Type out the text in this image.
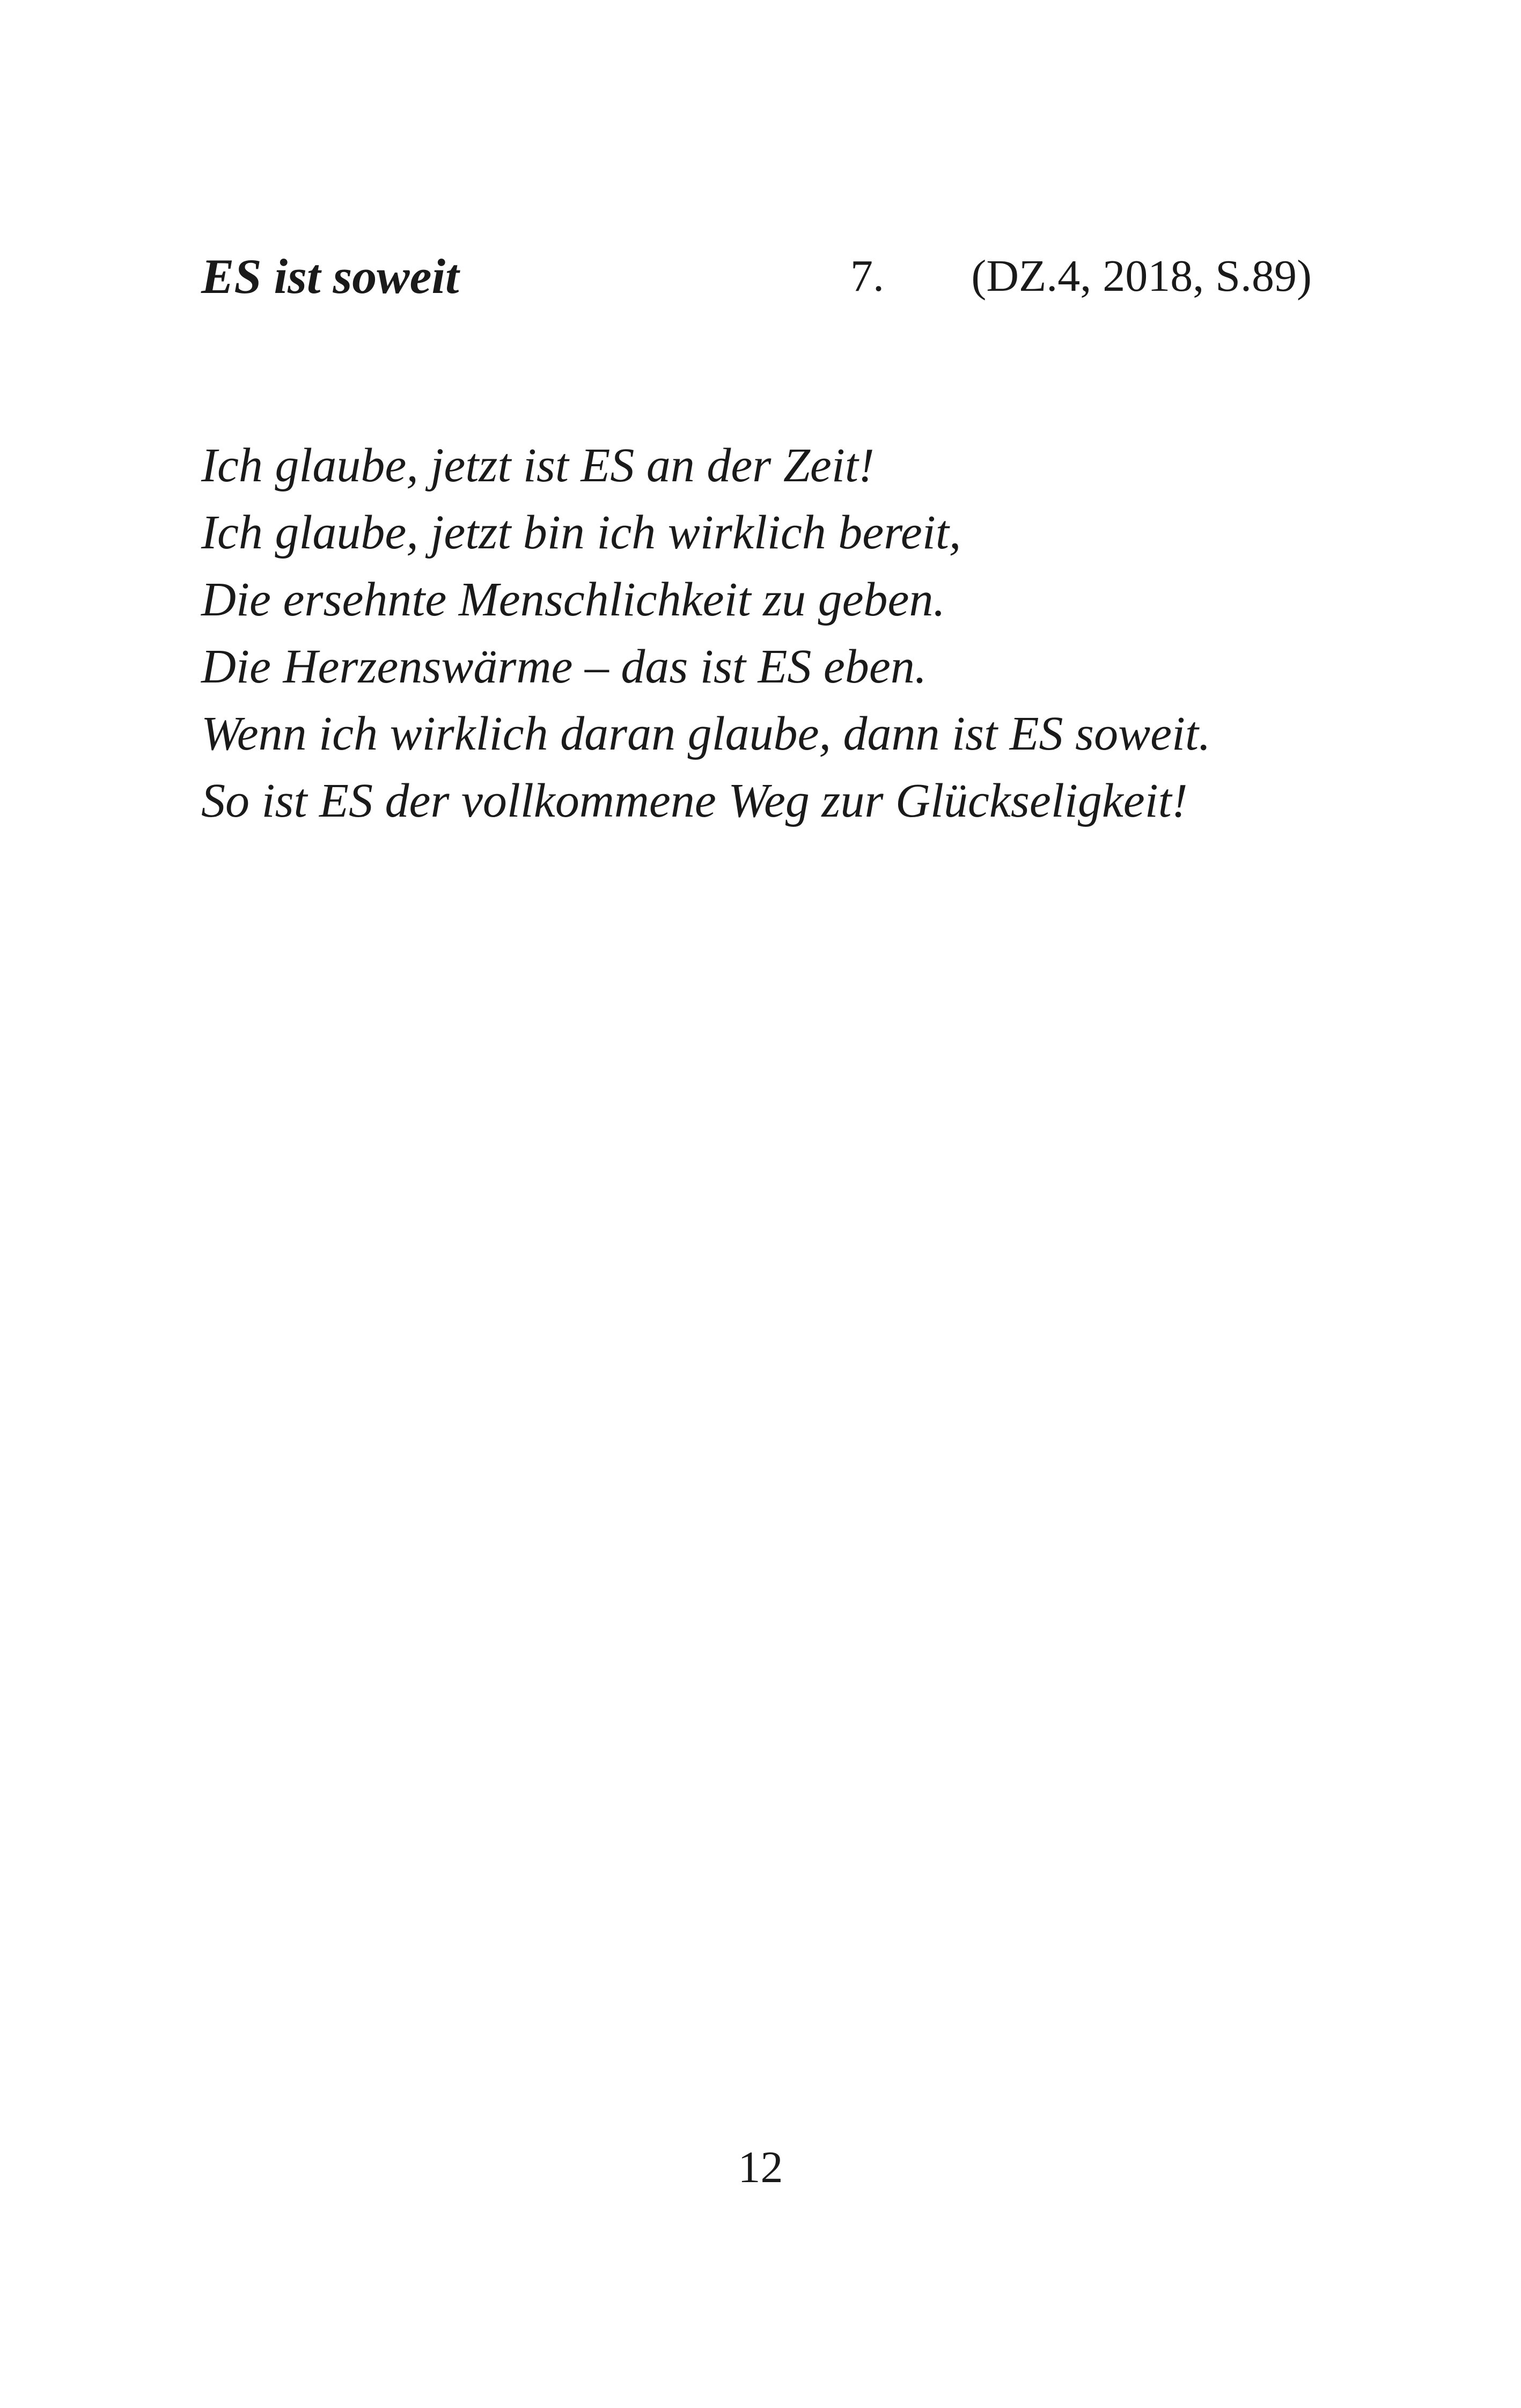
ES ist soweit	7. (DZ.4, 2018, S.89)
Ich glaube, jetzt ist ES an der Zeit!
Ich glaube, jetzt bin ich wirklich bereit,
Die ersehnte Menschlichkeit zu geben.
Die Herzenswärme – das ist ES eben.
Wenn ich wirklich daran glaube, dann ist ES soweit.
So ist ES der vollkommene Weg zur Glückseligkeit!
12
